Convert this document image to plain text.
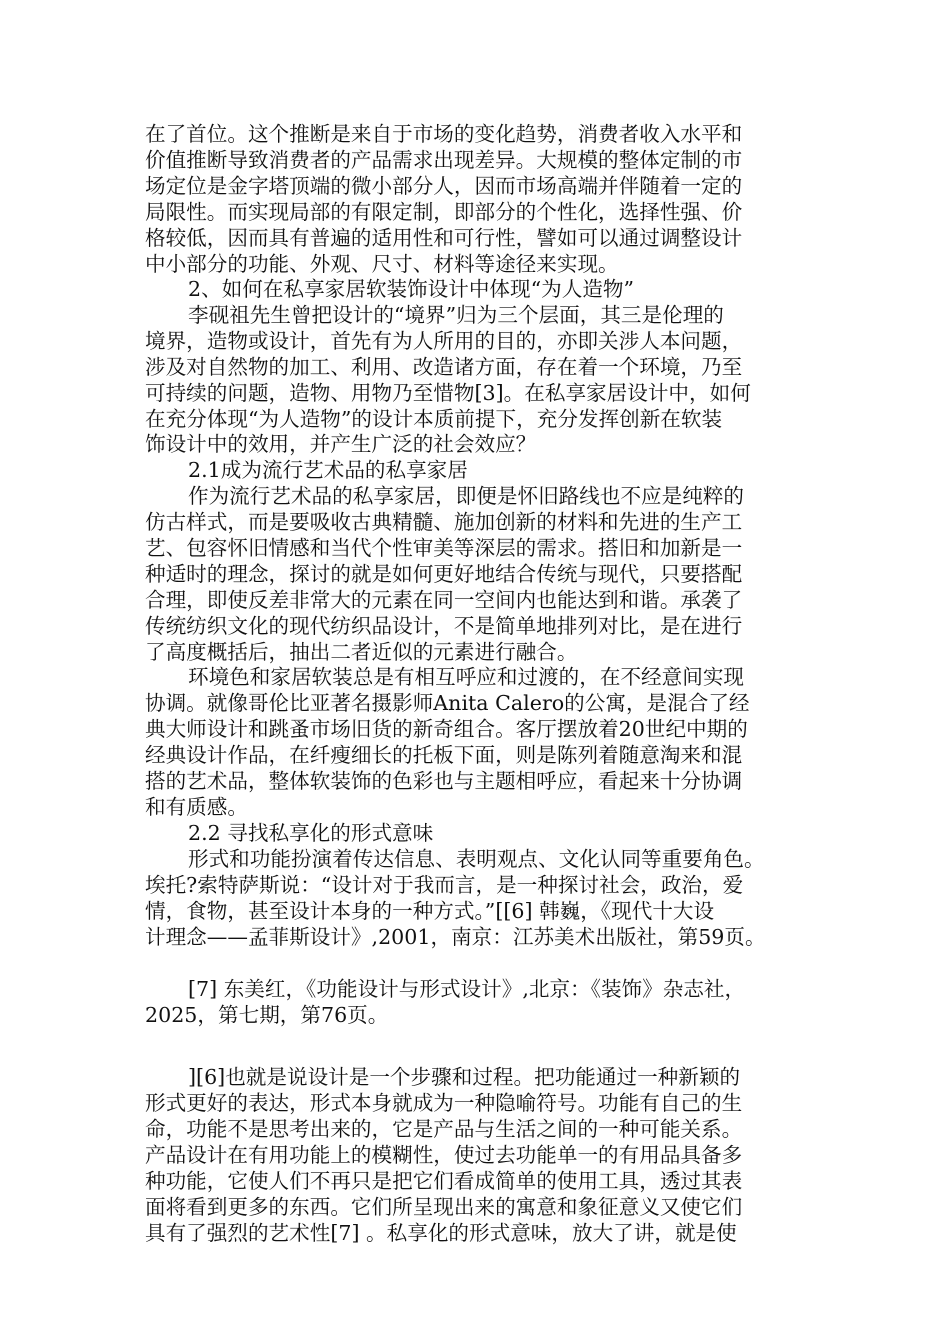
在了首位。这个推断是来自于市场的变化趋势，消费者收入水平和
价值推断导致消费者的产品需求出现差异。大规模的整体定制的市
场定位是金字塔顶端的微小部分人，因而市场高端并伴随着一定的
局限性。而实现局部的有限定制，即部分的个性化，选择性强、价
格较低，因而具有普遍的适用性和可行性，譬如可以通过调整设计
中小部分的功能、外观、尺寸、材料等途径来实现。
2、如何在私享家居软装饰设计中体现“为人造物”
李砚祖先生曾把设计的“境界”归为三个层面，其三是伦理的
境界，造物或设计，首先有为人所用的目的，亦即关涉人本问题，
涉及对自然物的加工、利用、改造诸方面，存在着一个环境，乃至
可持续的问题，造物、用物乃至惜物[3]。在私享家居设计中，如何
在充分体现“为人造物”的设计本质前提下，充分发挥创新在软装
饰设计中的效用，并产生广泛的社会效应？
2.1成为流行艺术品的私享家居
作为流行艺术品的私享家居，即便是怀旧路线也不应是纯粹的
仿古样式，而是要吸收古典精髓、施加创新的材料和先进的生产工
艺、包容怀旧情感和当代个性审美等深层的需求。搭旧和加新是一
种适时的理念，探讨的就是如何更好地结合传统与现代，只要搭配
合理，即使反差非常大的元素在同一空间内也能达到和谐。承袭了
传统纺织文化的现代纺织品设计，不是简单地排列对比，是在进行
了高度概括后，抽出二者近似的元素进行融合。
环境色和家居软装总是有相互呼应和过渡的，在不经意间实现
协调。就像哥伦比亚著名摄影师Anita Calero的公寓，是混合了经
典大师设计和跳蚤市场旧货的新奇组合。客厅摆放着20世纪中期的
经典设计作品，在纤瘦细长的托板下面，则是陈列着随意淘来和混
搭的艺术品，整体软装饰的色彩也与主题相呼应，看起来十分协调
和有质感。
2.2 寻找私享化的形式意味
形式和功能扮演着传达信息、表明观点、文化认同等重要角色。
埃托?索特萨斯说：“设计对于我而言，是一种探讨社会，政治，爱
情，食物，甚至设计本身的一种方式。”[[6] 韩巍，《现代十大设
计理念——孟菲斯设计》,2001，南京：江苏美术出版社，第59页。
[7] 东美红，《功能设计与形式设计》,北京：《装饰》杂志社，
2025，第七期，第76页。
][6]也就是说设计是一个步骤和过程。把功能通过一种新颖的
形式更好的表达，形式本身就成为一种隐喻符号。功能有自己的生
命，功能不是思考出来的，它是产品与生活之间的一种可能关系。
产品设计在有用功能上的模糊性，使过去功能单一的有用品具备多
种功能，它使人们不再只是把它们看成简单的使用工具，透过其表
面将看到更多的东西。它们所呈现出来的寓意和象征意义又使它们
具有了强烈的艺术性[7] 。私享化的形式意味，放大了讲，就是使
